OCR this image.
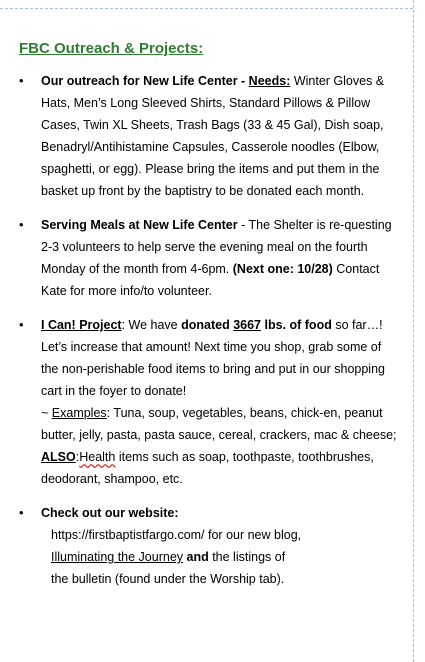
FBC Outreach & Projects:
• Our outreach for New Life Center - Needs: Winter Gloves & Hats, Men’s Long Sleeved Shirts, Standard Pillows & Pillow Cases, Twin XL Sheets, Trash Bags (33 & 45 Gal), Dish soap, Benadryl/Antihistamine Capsules, Casserole noodles (Elbow, spaghetti, or egg). Please bring the items and put them in the basket up front by the baptistry to be donated each month.
• Serving Meals at New Life Center - The Shelter is re-questing 2-3 volunteers to help serve the evening meal on the fourth Monday of the month from 4-6pm. (Next one: 10/28) Contact Kate for more info/to volunteer.
• I Can! Project: We have donated 3667 lbs. of food so far…! Let’s increase that amount! Next time you shop, grab some of the non-perishable food items to bring and put in our shopping cart in the foyer to donate!
~ Examples: Tuna, soup, vegetables, beans, chick-en, peanut butter, jelly, pasta, pasta sauce, cereal, crackers, mac & cheese; ALSO:Health items such as soap, toothpaste, toothbrushes, deodorant, shampoo, etc.
• Check out our website:
https://firstbaptistfargo.com/ for our new blog,
Illuminating the Journey and the listings of
the bulletin (found under the Worship tab).
